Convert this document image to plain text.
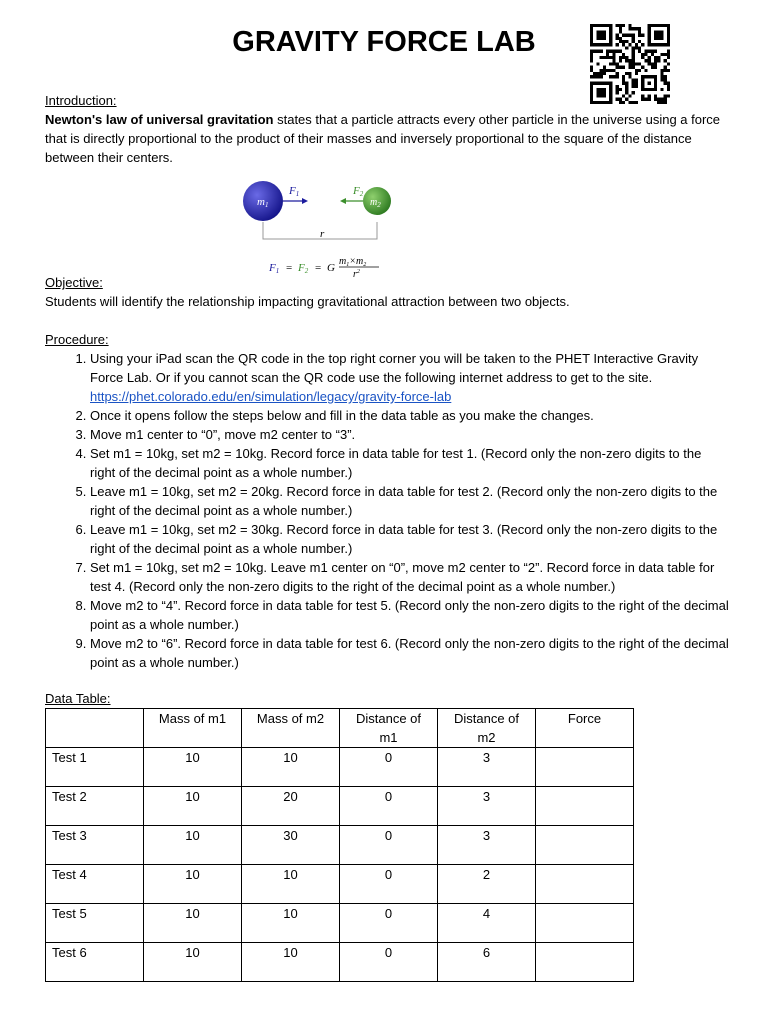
GRAVITY FORCE LAB
Introduction:

Newton's law of universal gravitation states that a particle attracts every other particle in the universe using a force that is directly proportional to the product of their masses and inversely proportional to the square of the distance between their centers.

m1	$m_2$
F1	F2
r
F1 = F2 = G
$m_1\times m_2$
$r^2$
Objective:
Students will identify the relationship impacting gravitational attraction between two objects.
Procedure:
1. Using your iPad scan the QR code in the top right corner you will be taken to the PHET Interactive Gravity Force Lab. Or if you cannot scan the QR code use the following internet address to get to the site. https://phet.colorado.edu/en/simulation/legacy/gravity-force-lab
2. Once it opens follow the steps below and fill in the data table as you make the changes.
3. Move m1 center to “0”, move m2 center to “3”.
4. Set m1 = 10kg, set m2 = 10kg. Record force in data table for test 1. (Record only the non-zero digits to the right of the decimal point as a whole number.)
5. Leave m1 = 10kg, set m2 = 20kg. Record force in data table for test 2. (Record only the non-zero digits to the right of the decimal point as a whole number.)
6. Leave m1 = 10kg, set m2 = 30kg. Record force in data table for test 3. (Record only the non-zero digits to the right of the decimal point as a whole number.)
7. Set m1 = 10kg, set m2 = 10kg. Leave m1 center on “0”, move m2 center to “2”. Record force in data table for test 4. (Record only the non-zero digits to the right of the decimal point as a whole number.)
8. Move m2 to “4”. Record force in data table for test 5. (Record only the non-zero digits to the right of the decimal point as a whole number.)
9. Move m2 to “6”. Record force in data table for test 6. (Record only the non-zero digits to the right of the decimal point as a whole number.)
Data Table:
	Mass of m1	Mass of m2	Distance of m1	Distance of m2	Force
Test 1	10	10	0	3	
Test 2	10	20	0	3	
Test 3	10	30	0	3	
Test 4	10	10	0	2	
Test 5	10	10	0	4	
Test 6	10	10	0	6	
